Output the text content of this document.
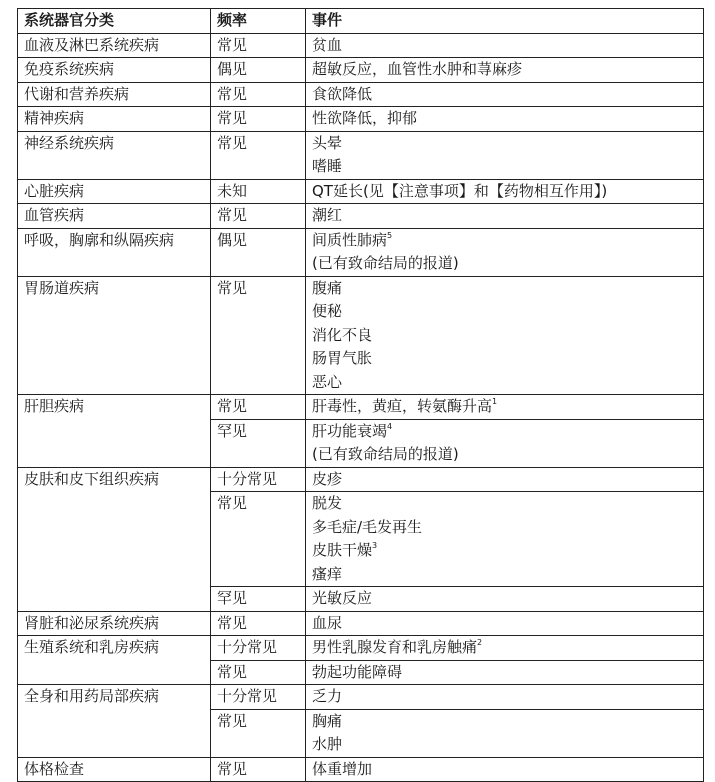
系统器官分类	频率	事件
血液及淋巴系统疾病	常见	贫血

免疫系统疾病	偶见	超敏反应，血管性水肿和荨麻疹

代谢和营养疾病	常见	食欲降低

精神疾病	常见	性欲降低，抑郁

神经系统疾病	常见	头晕
嗜睡

心脏疾病	未知	QT延长(见【注意事项】和【药物相互作用】)

血管疾病	常见	潮红

呼吸，胸廓和纵隔疾病	偶见	间质性肺病$^5$
(已有致命结局的报道)

胃肠道疾病	常见	腹痛
便秘
消化不良
肠胃气胀
恶心

肝胆疾病	常见	肝毒性，黄疸，转氨酶升高$^1$

	罕见	肝功能衰竭$^4$
(已有致命结局的报道)

皮肤和皮下组织疾病	十分常见	皮疹

	常见	脱发
多毛症/毛发再生
皮肤干燥$^3$
瘙痒

	罕见	光敏反应

肾脏和泌尿系统疾病	常见	血尿

生殖系统和乳房疾病	十分常见	男性乳腺发育和乳房触痛$^2$

	常见	勃起功能障碍

全身和用药局部疾病	十分常见	乏力

	常见	胸痛
水肿

体格检查	常见	体重增加
